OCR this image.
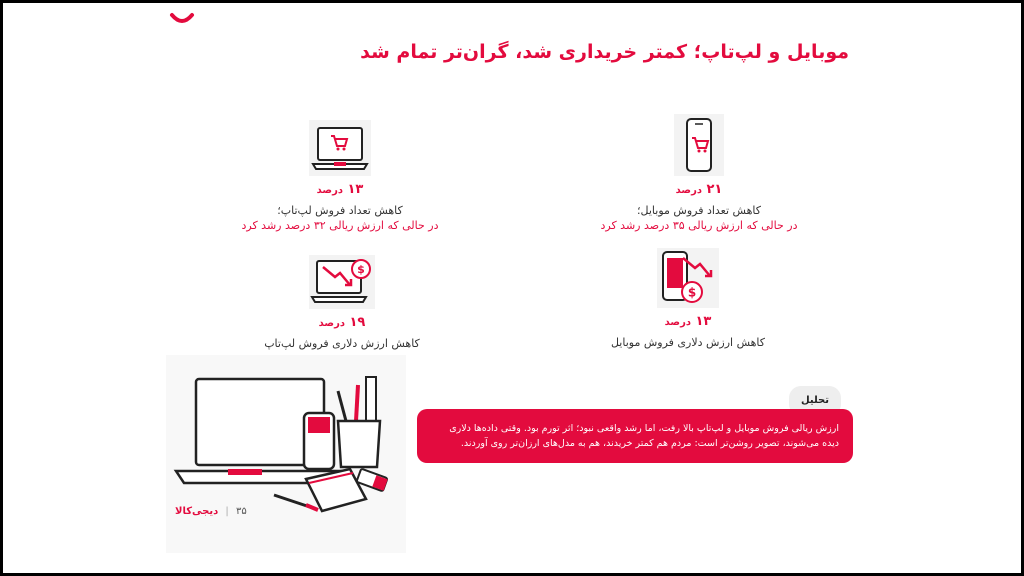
موبایل و لپ‌تاپ؛ کمتر خریداری شد، گران‌تر تمام شد
۲۱ درصد
کاهش تعداد فروش موبایل؛
در حالی که ارزش ریالی ۳۵ درصد رشد کرد
۱۳ درصد
کاهش تعداد فروش لپ‌تاپ؛
در حالی که ارزش ریالی ۳۲ درصد رشد کرد
$
۱۳ درصد
کاهش ارزش دلاری فروش موبایل
$
۱۹ درصد
کاهش ارزش دلاری فروش لپ‌تاپ
۳۵ | دیجی‌کالا
تحلیل
ارزش ریالی فروش موبایل و لپ‌تاپ بالا رفت، اما رشد واقعی نبود؛ اثر تورم بود. وقتی داده‌ها دلاری دیده می‌شوند، تصویر روشن‌تر است: مردم هم کمتر خریدند، هم به مدل‌های ارزان‌تر روی آوردند.
